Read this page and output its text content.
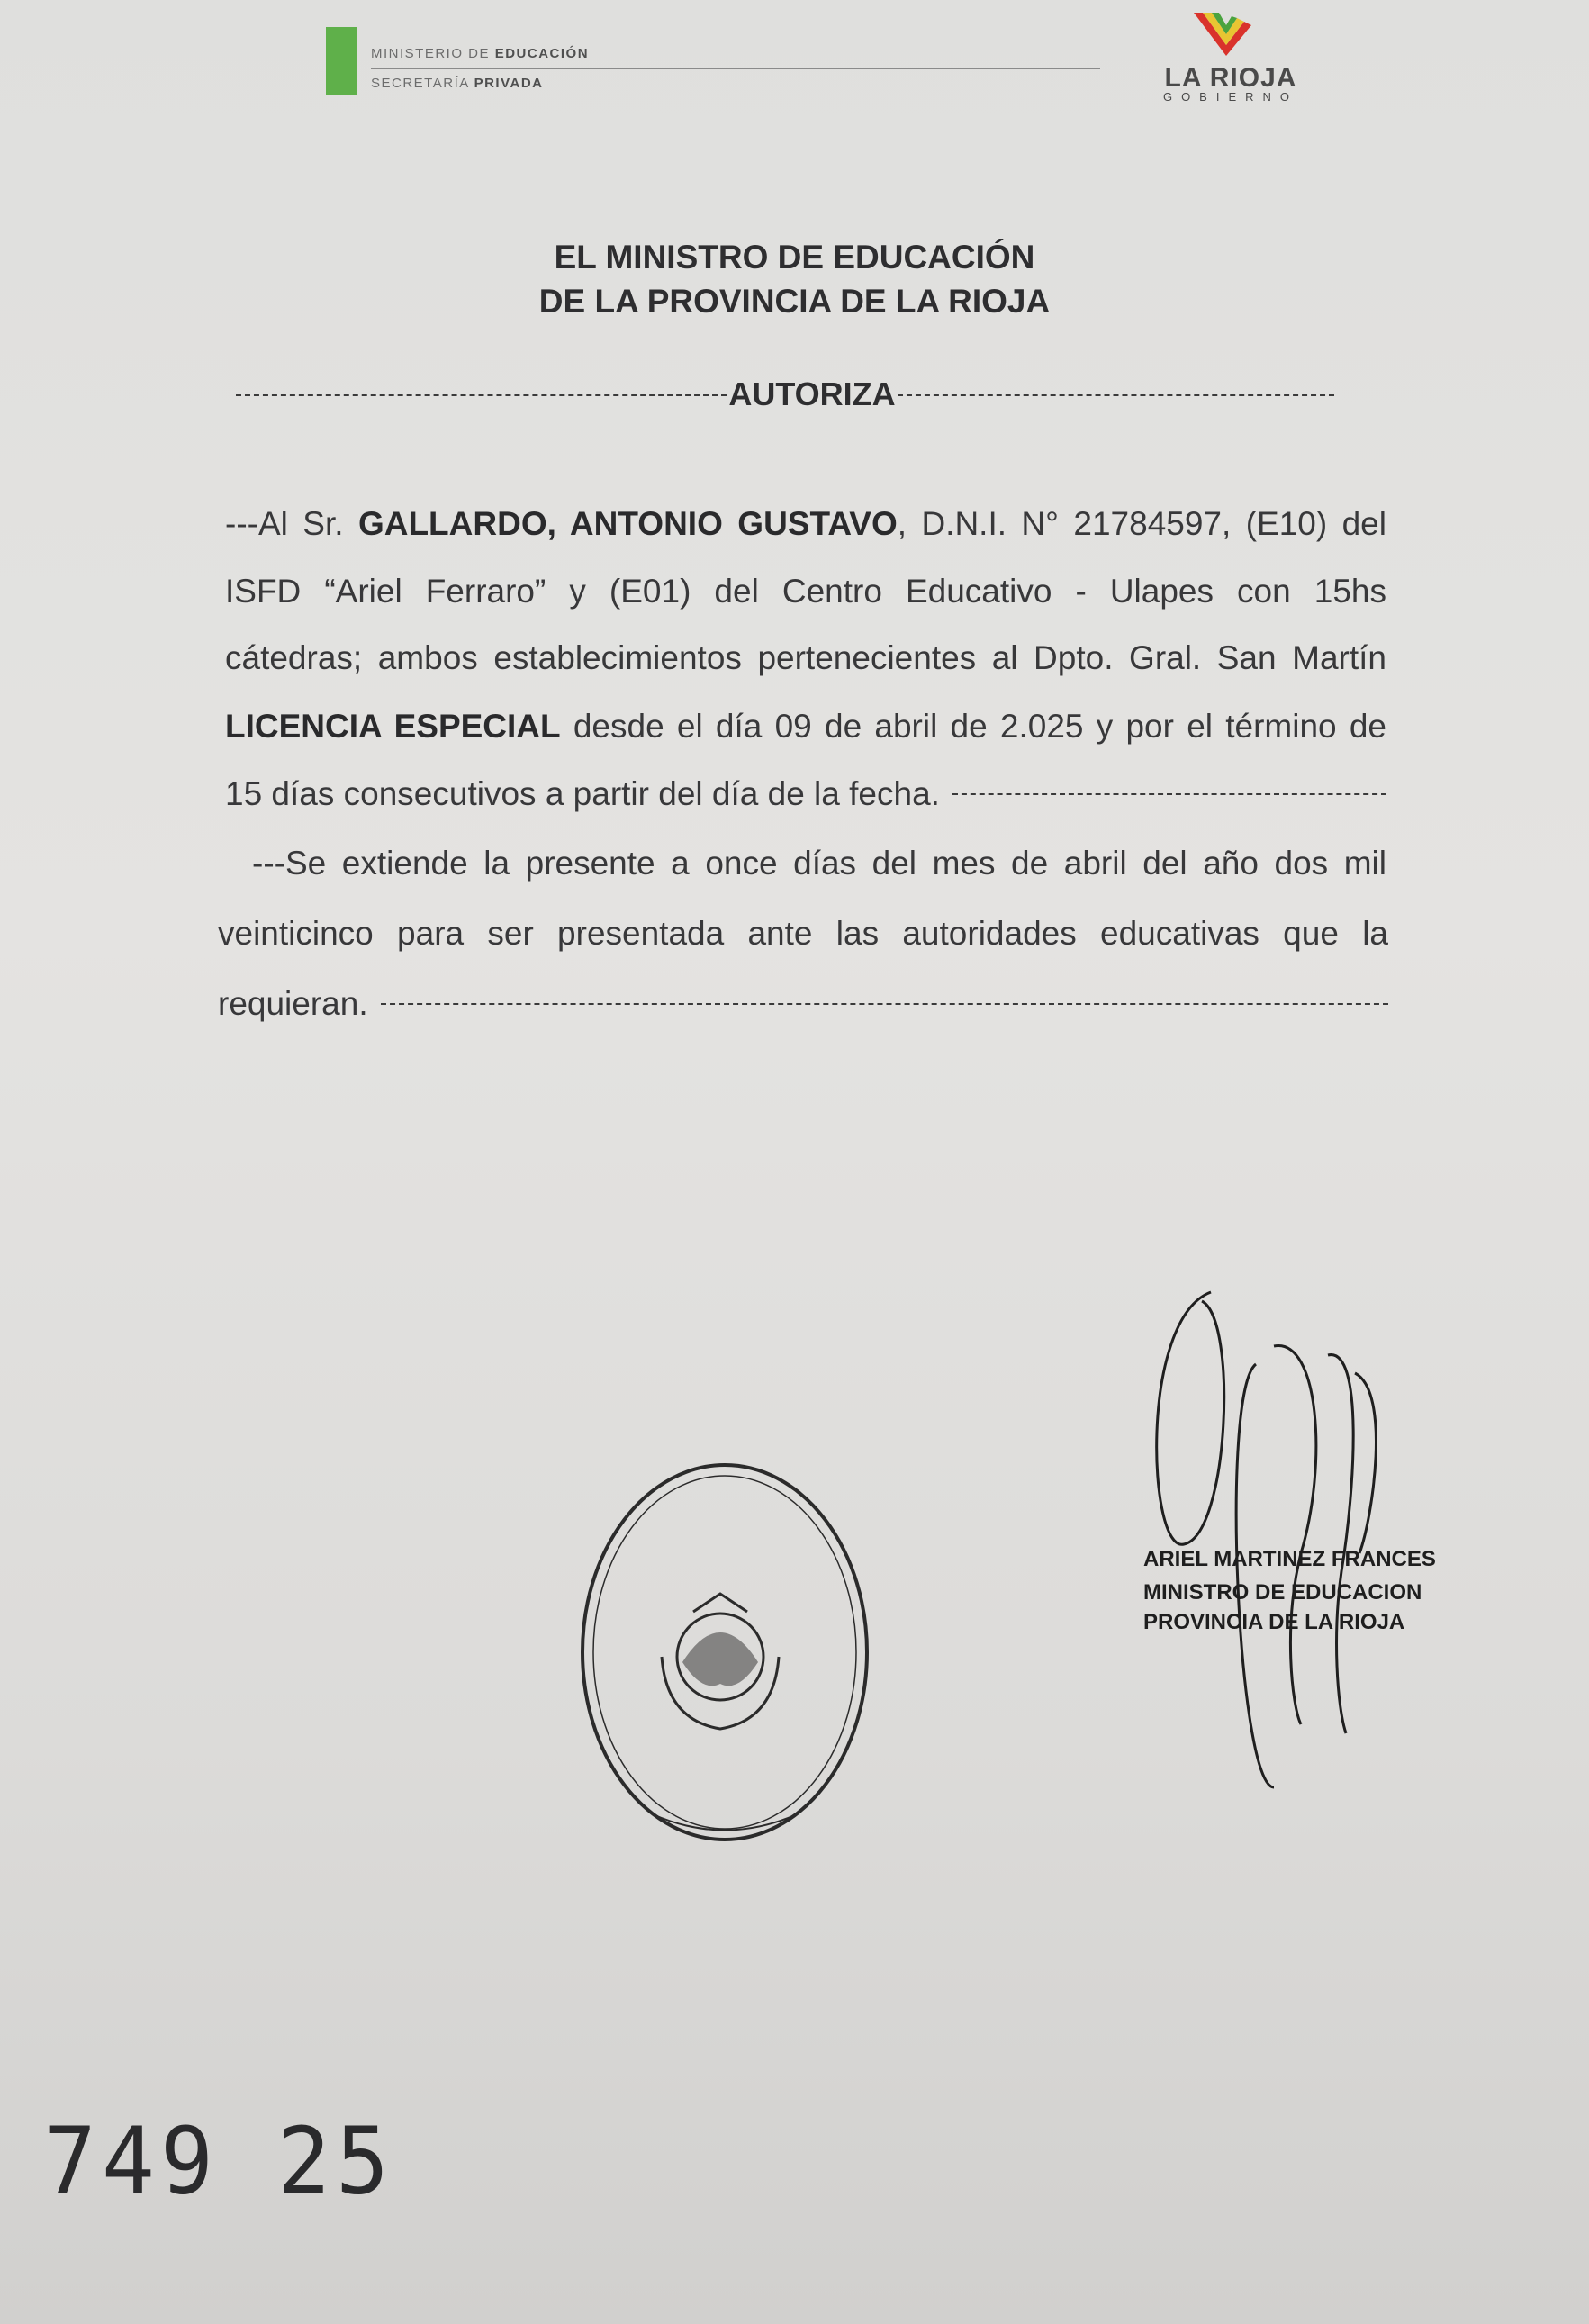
MINISTERIO DE EDUCACIÓN
SECRETARÍA PRIVADA	LA RIOJA
GOBIERNO
EL MINISTRO DE EDUCACIÓN
DE LA PROVINCIA DE LA RIOJA
AUTORIZA
---Al Sr. GALLARDO, ANTONIO GUSTAVO, D.N.I. N° 21784597, (E10) del
ISFD “Ariel Ferraro” y (E01) del Centro Educativo - Ulapes con 15hs
cátedras; ambos establecimientos pertenecientes al Dpto. Gral. San Martín
LICENCIA ESPECIAL desde el día 09 de abril de 2.025 y por el término de
15 días consecutivos a partir del día de la fecha.
---Se extiende la presente a once días del mes de abril del año dos mil
veinticinco para ser presentada ante las autoridades educativas que la
requieran.
ARIEL MARTINEZ FRANCES
MINISTRO DE EDUCACION
PROVINCIA DE LA RIOJA
749 25
